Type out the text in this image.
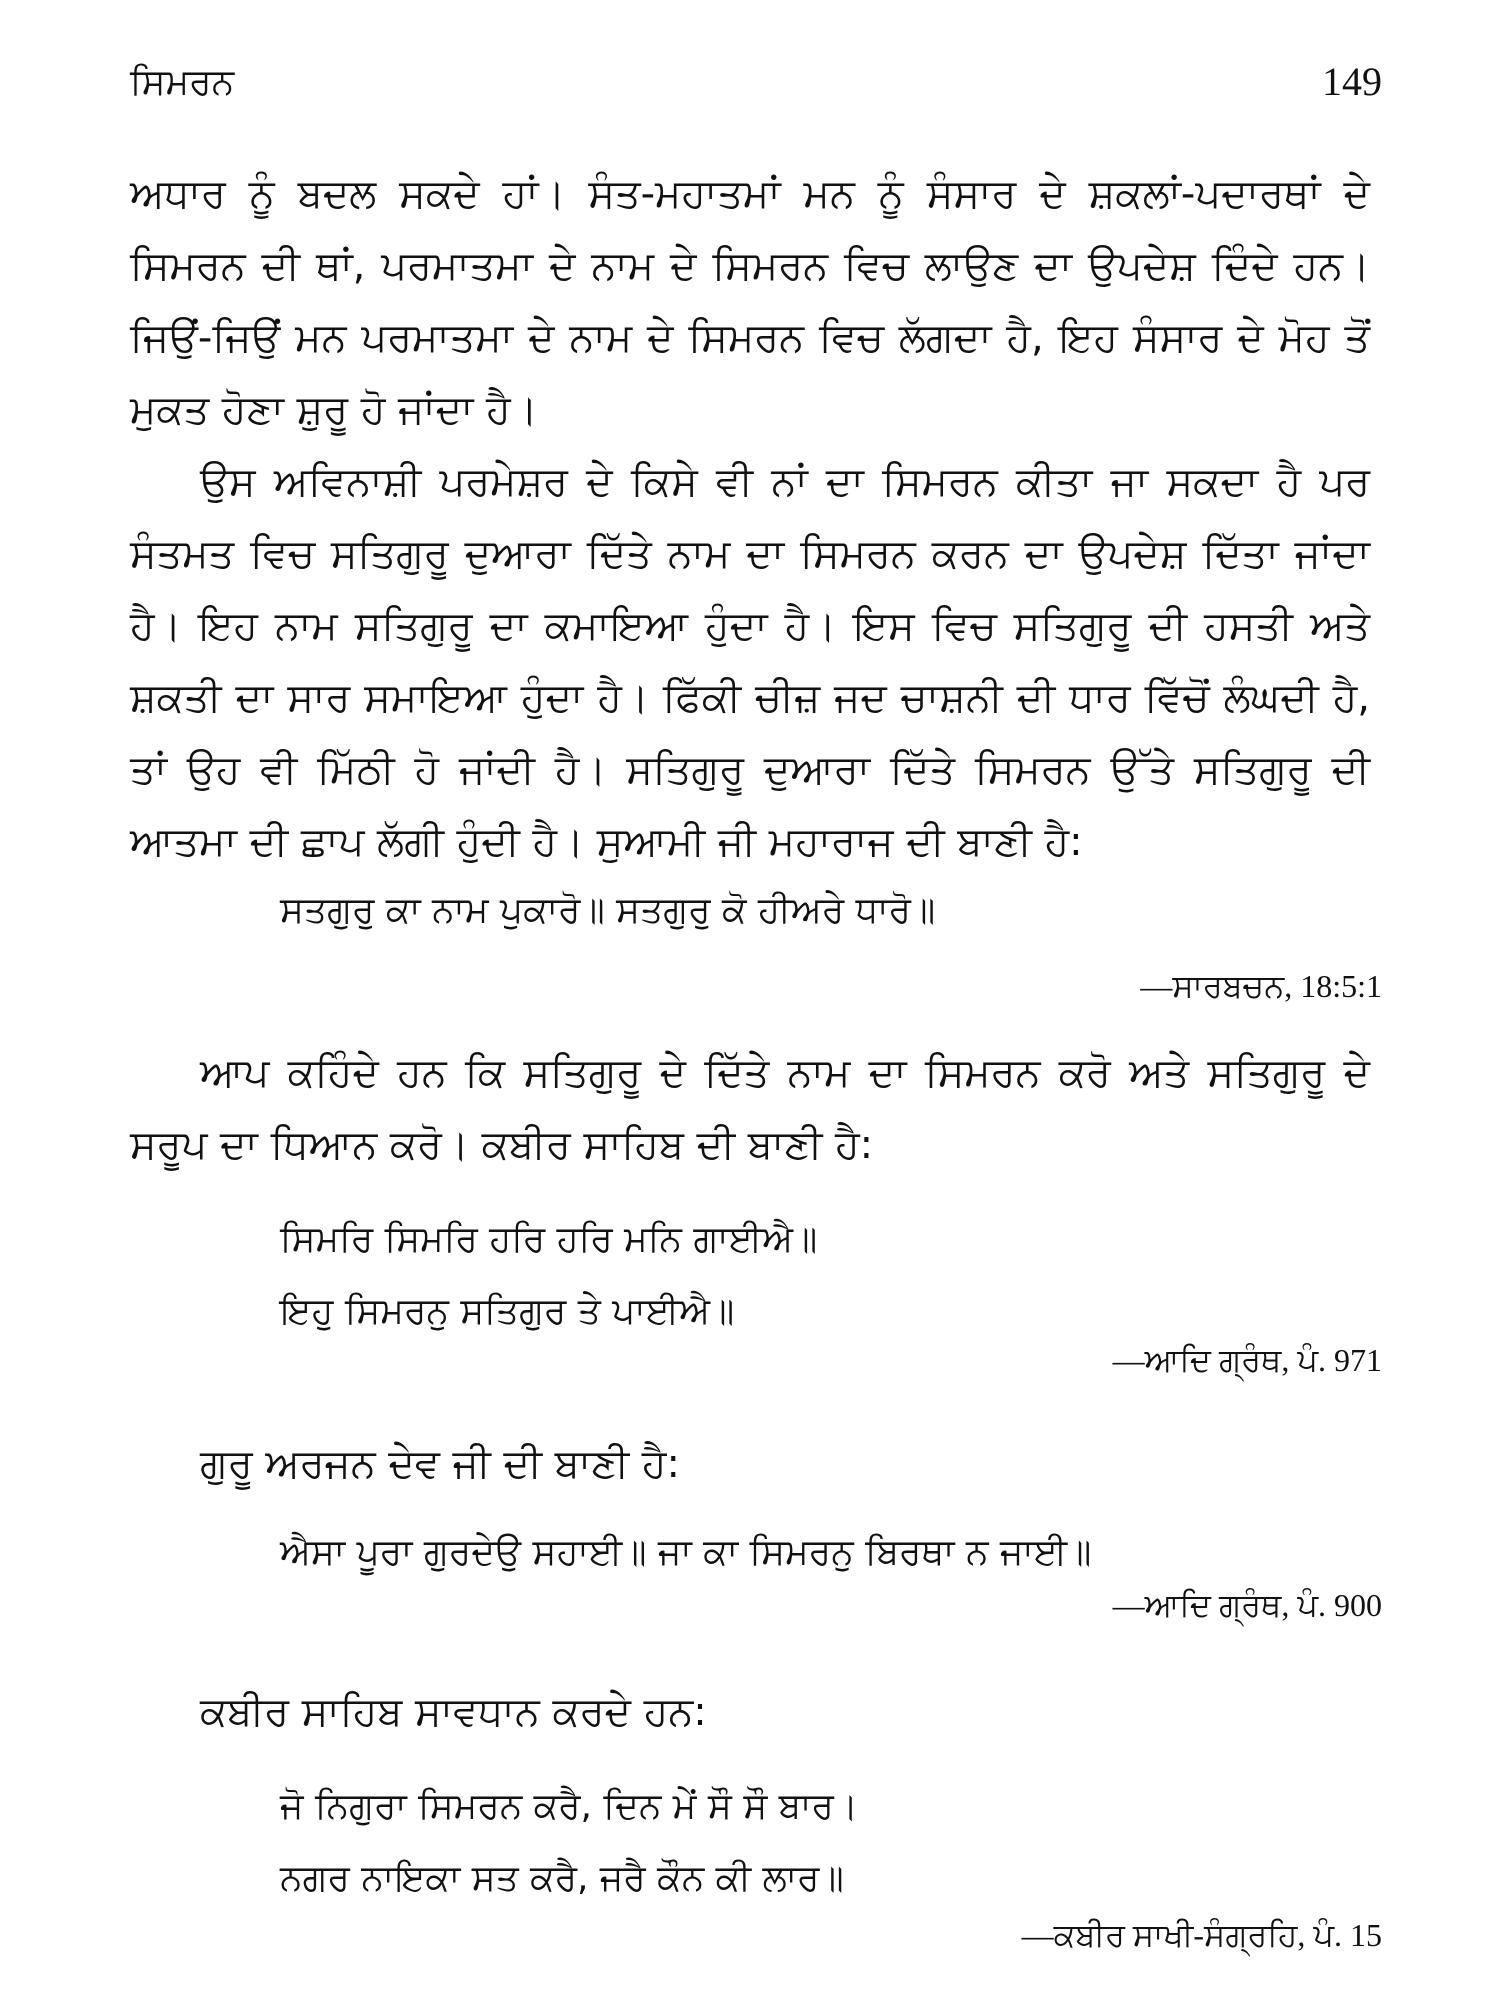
ਸਿਮਰਨ	149

ਅਧਾਰ ਨੂੰ ਬਦਲ ਸਕਦੇ ਹਾਂ। ਸੰਤ-ਮਹਾਤਮਾਂ ਮਨ ਨੂੰ ਸੰਸਾਰ ਦੇ ਸ਼ਕਲਾਂ-ਪਦਾਰਥਾਂ ਦੇ ਸਿਮਰਨ ਦੀ ਥਾਂ, ਪਰਮਾਤਮਾ ਦੇ ਨਾਮ ਦੇ ਸਿਮਰਨ ਵਿਚ ਲਾਉਣ ਦਾ ਉਪਦੇਸ਼ ਦਿੰਦੇ ਹਨ। ਜਿਉਂ-ਜਿਉਂ ਮਨ ਪਰਮਾਤਮਾ ਦੇ ਨਾਮ ਦੇ ਸਿਮਰਨ ਵਿਚ ਲੱਗਦਾ ਹੈ, ਇਹ ਸੰਸਾਰ ਦੇ ਮੋਹ ਤੋਂ ਮੁਕਤ ਹੋਣਾ ਸ਼ੁਰੂ ਹੋ ਜਾਂਦਾ ਹੈ।

ਉਸ ਅਵਿਨਾਸ਼ੀ ਪਰਮੇਸ਼ਰ ਦੇ ਕਿਸੇ ਵੀ ਨਾਂ ਦਾ ਸਿਮਰਨ ਕੀਤਾ ਜਾ ਸਕਦਾ ਹੈ ਪਰ ਸੰਤਮਤ ਵਿਚ ਸਤਿਗੁਰੂ ਦੁਆਰਾ ਦਿੱਤੇ ਨਾਮ ਦਾ ਸਿਮਰਨ ਕਰਨ ਦਾ ਉਪਦੇਸ਼ ਦਿੱਤਾ ਜਾਂਦਾ ਹੈ। ਇਹ ਨਾਮ ਸਤਿਗੁਰੂ ਦਾ ਕਮਾਇਆ ਹੁੰਦਾ ਹੈ। ਇਸ ਵਿਚ ਸਤਿਗੁਰੂ ਦੀ ਹਸਤੀ ਅਤੇ ਸ਼ਕਤੀ ਦਾ ਸਾਰ ਸਮਾਇਆ ਹੁੰਦਾ ਹੈ। ਫਿੱਕੀ ਚੀਜ਼ ਜਦ ਚਾਸ਼ਨੀ ਦੀ ਧਾਰ ਵਿੱਚੋਂ ਲੰਘਦੀ ਹੈ, ਤਾਂ ਉਹ ਵੀ ਮਿੱਠੀ ਹੋ ਜਾਂਦੀ ਹੈ। ਸਤਿਗੁਰੂ ਦੁਆਰਾ ਦਿੱਤੇ ਸਿਮਰਨ ਉੱਤੇ ਸਤਿਗੁਰੂ ਦੀ ਆਤਮਾ ਦੀ ਛਾਪ ਲੱਗੀ ਹੁੰਦੀ ਹੈ। ਸੁਆਮੀ ਜੀ ਮਹਾਰਾਜ ਦੀ ਬਾਣੀ ਹੈ:

ਸਤਗੁਰੁ ਕਾ ਨਾਮ ਪੁਕਾਰੋ॥ ਸਤਗੁਰੁ ਕੋ ਹੀਅਰੇ ਧਾਰੋ॥

—ਸਾਰਬਚਨ, 18:5:1

ਆਪ ਕਹਿੰਦੇ ਹਨ ਕਿ ਸਤਿਗੁਰੂ ਦੇ ਦਿੱਤੇ ਨਾਮ ਦਾ ਸਿਮਰਨ ਕਰੋ ਅਤੇ ਸਤਿਗੁਰੂ ਦੇ ਸਰੂਪ ਦਾ ਧਿਆਨ ਕਰੋ। ਕਬੀਰ ਸਾਹਿਬ ਦੀ ਬਾਣੀ ਹੈ:

ਸਿਮਰਿ ਸਿਮਰਿ ਹਰਿ ਹਰਿ ਮਨਿ ਗਾਈਐ॥

ਇਹੁ ਸਿਮਰਨੁ ਸਤਿਗੁਰ ਤੇ ਪਾਈਐ॥

—ਆਦਿ ਗ੍ਰੰਥ, ਪੰ. 971

ਗੁਰੂ ਅਰਜਨ ਦੇਵ ਜੀ ਦੀ ਬਾਣੀ ਹੈ:

ਐਸਾ ਪੂਰਾ ਗੁਰਦੇਉ ਸਹਾਈ॥ ਜਾ ਕਾ ਸਿਮਰਨੁ ਬਿਰਥਾ ਨ ਜਾਈ॥

—ਆਦਿ ਗ੍ਰੰਥ, ਪੰ. 900

ਕਬੀਰ ਸਾਹਿਬ ਸਾਵਧਾਨ ਕਰਦੇ ਹਨ:

ਜੋ ਨਿਗੁਰਾ ਸਿਮਰਨ ਕਰੈ, ਦਿਨ ਮੇਂ ਸੌ ਸੌ ਬਾਰ।

ਨਗਰ ਨਾਇਕਾ ਸਤ ਕਰੈ, ਜਰੈ ਕੌਨ ਕੀ ਲਾਰ॥

—ਕਬੀਰ ਸਾਖੀ-ਸੰਗ੍ਰਹਿ, ਪੰ. 15
